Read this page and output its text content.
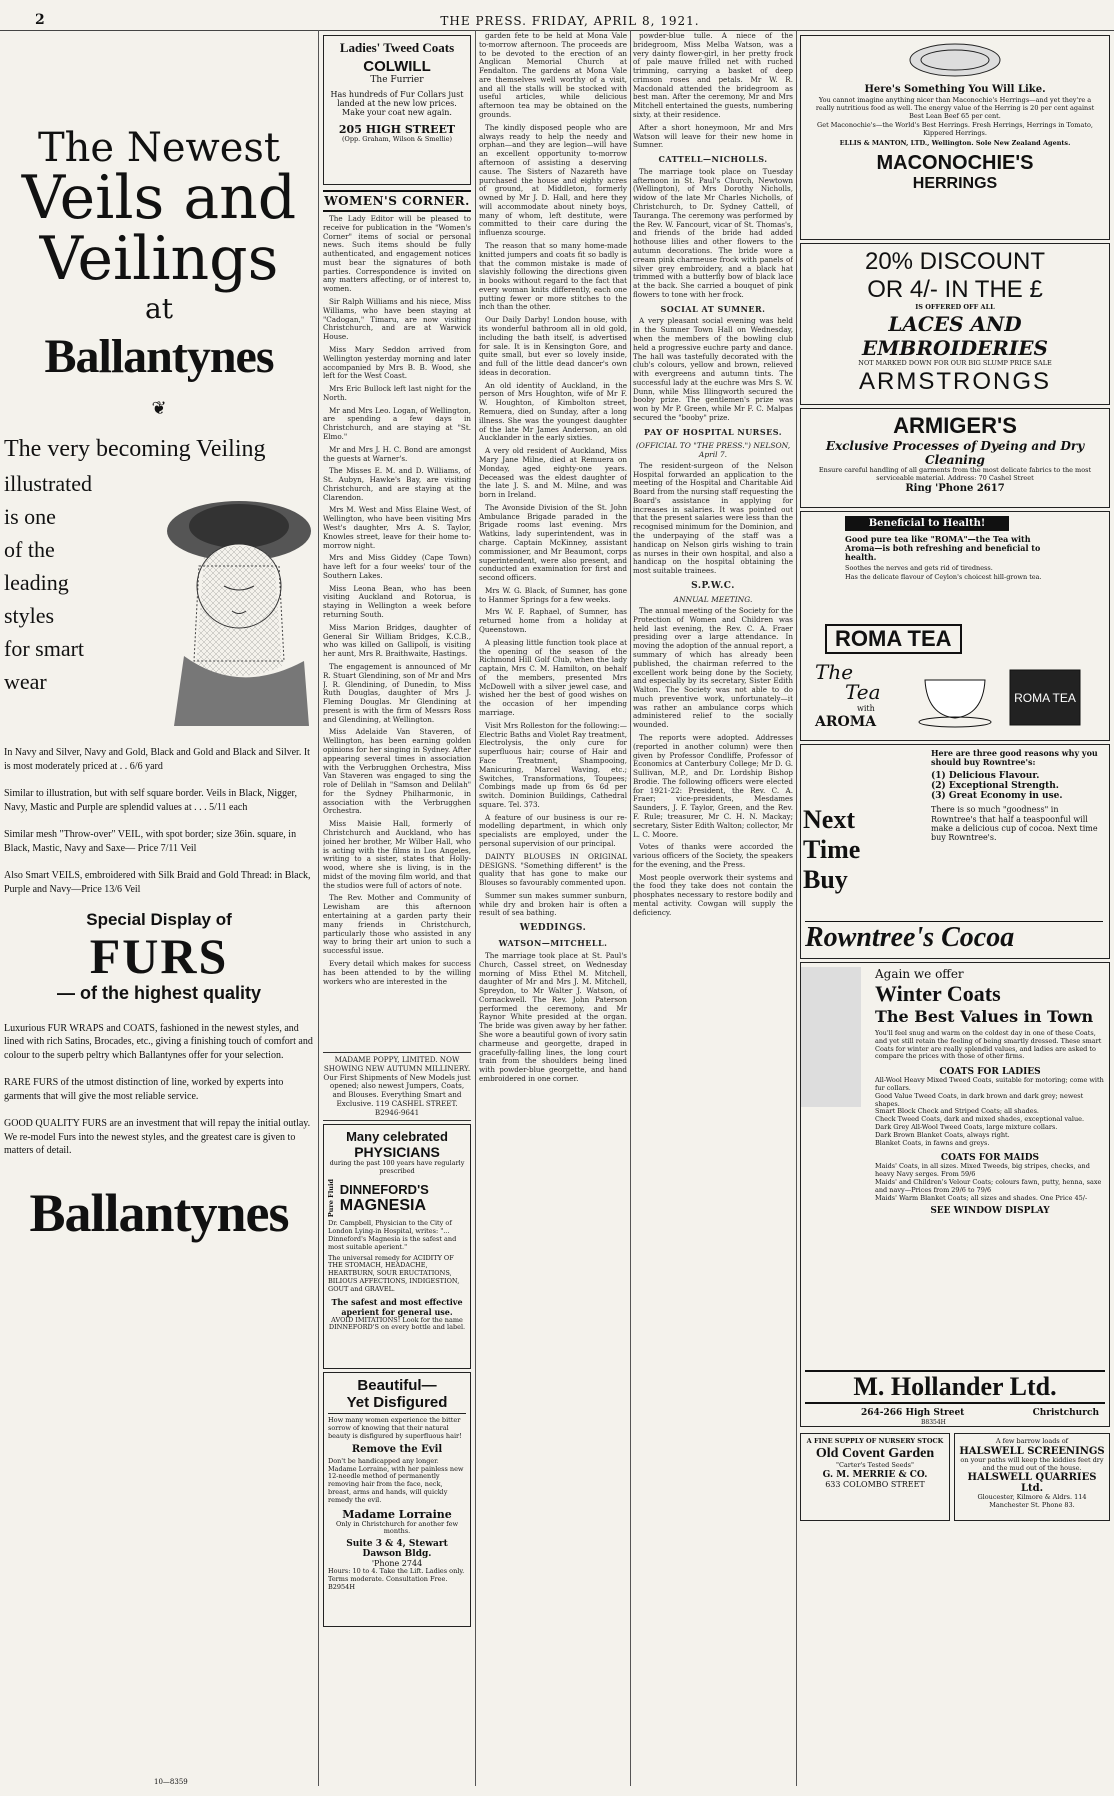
2	THE PRESS. FRIDAY, APRIL 8, 1921.
The Newest
Veils and
Veilings
at
Ballantynes
❦
The very becoming Veiling
illustrated
is one
of the
leading
styles
for smart
wear
In Navy and Silver, Navy and Gold, Black and Gold and Black and Silver. It is most moderately priced at . . 6/6 yard
Similar to illustration, but with self square border. Veils in Black, Nigger, Navy, Mastic and Purple are splendid values at . . . 5/11 each
Similar mesh "Throw-over" VEIL, with spot border; size 36in. square, in Black, Mastic, Navy and Saxe— Price 7/11 Veil
Also Smart VEILS, embroidered with Silk Braid and Gold Thread: in Black, Purple and Navy—Price 13/6 Veil
Special Display of
FURS
— of the highest quality
Luxurious FUR WRAPS and COATS, fashioned in the newest styles, and lined with rich Satins, Brocades, etc., giving a finishing touch of comfort and colour to the superb peltry which Ballantynes offer for your selection.
RARE FURS of the utmost distinction of line, worked by experts into garments that will give the most reliable service.
GOOD QUALITY FURS are an investment that will repay the initial outlay. We re-model Furs into the newest styles, and the greatest care is given to matters of detail.
Ballantynes
10—8359
Ladies' Tweed Coats
COLWILL
The Furrier
Has hundreds of Fur Collars just landed at the new low prices. Make your coat new again.
205 HIGH STREET
(Opp. Graham, Wilson & Smellie)
WOMEN'S CORNER.

The Lady Editor will be pleased to receive for publication in the "Women's Corner" items of social or personal news. Such items should be fully authenticated, and engagement notices must bear the signatures of both parties. Correspondence is invited on any matters affecting, or of interest to, women.

Sir Ralph Williams and his niece, Miss Williams, who have been staying at "Cadogan," Timaru, are now visiting Christchurch, and are at Warwick House.

Miss Mary Seddon arrived from Wellington yesterday morning and later accompanied by Mrs B. B. Wood, she left for the West Coast.

Mrs Eric Bullock left last night for the North.

Mr and Mrs Leo. Logan, of Wellington, are spending a few days in Christchurch, and are staying at "St. Elmo."

Mr and Mrs J. H. C. Bond are amongst the guests at Warner's.

The Misses E. M. and D. Williams, of St. Aubyn, Hawke's Bay, are visiting Christchurch, and are staying at the Clarendon.

Mrs M. West and Miss Elaine West, of Wellington, who have been visiting Mrs West's daughter, Mrs A. S. Taylor, Knowles street, leave for their home to-morrow night.

Mrs and Miss Giddey (Cape Town) have left for a four weeks' tour of the Southern Lakes.

Miss Leona Bean, who has been visiting Auckland and Rotorua, is staying in Wellington a week before returning South.

Miss Marion Bridges, daughter of General Sir William Bridges, K.C.B., who was killed on Gallipoli, is visiting her aunt, Mrs R. Braithwaite, Hastings.

The engagement is announced of Mr R. Stuart Glendining, son of Mr and Mrs J. R. Glendining, of Dunedin, to Miss Ruth Douglas, daughter of Mrs J. Fleming Douglas. Mr Glendining at present is with the firm of Messrs Ross and Glendining, at Wellington.

Miss Adelaide Van Staveren, of Wellington, has been earning golden opinions for her singing in Sydney. After appearing several times in association with the Verbrugghen Orchestra, Miss Van Staveren was engaged to sing the role of Delilah in "Samson and Delilah" for the Sydney Philharmonic, in association with the Verbrugghen Orchestra.

Miss Maisie Hall, formerly of Christchurch and Auckland, who has joined her brother, Mr Wilber Hall, who is acting with the films in Los Angeles, writing to a sister, states that Holly-wood, where she is living, is in the midst of the moving film world, and that the studios were full of actors of note.

The Rev. Mother and Community of Lewisham are this afternoon entertaining at a garden party their many friends in Christchurch, particularly those who assisted in any way to bring their art union to such a successful issue.

Every detail which makes for success has been attended to by the willing workers who are interested in the

MADAME POPPY, LIMITED. NOW SHOWING NEW AUTUMN MILLINERY. Our First Shipments of New Models just opened; also newest Jumpers, Coats, and Blouses. Everything Smart and Exclusive. 119 CASHEL STREET. B2946-9641
Many celebrated
PHYSICIANS
during the past 100 years have regularly prescribed
Pure Fluid DINNEFORD'S
MAGNESIA
Dr. Campbell, Physician to the City of London Lying-in Hospital, writes: "... Dinneford's Magnesia is the safest and most suitable aperient."
The universal remedy for ACIDITY OF THE STOMACH, HEADACHE, HEARTBURN, SOUR ERUCTATIONS, BILIOUS AFFECTIONS, INDIGESTION, GOUT and GRAVEL.
The safest and most effective aperient for general use.
AVOID IMITATIONS! Look for the name DINNEFORD'S on every bottle and label.
Beautiful—
Yet Disfigured
How many women experience the bitter sorrow of knowing that their natural beauty is disfigured by superfluous hair!
Remove the Evil
Don't be handicapped any longer. Madame Lorraine, with her painless new 12-needle method of permanently removing hair from the face, neck, breast, arms and hands, will quickly remedy the evil.
Madame Lorraine
Only in Christchurch for another few months.
Suite 3 & 4, Stewart Dawson Bldg.
'Phone 2744
Hours: 10 to 4. Take the Lift. Ladies only. Terms moderate. Consultation Free. B2954H

garden fete to be held at Mona Vale to-morrow afternoon. The proceeds are to be devoted to the erection of an Anglican Memorial Church at Fendalton. The gardens at Mona Vale are themselves well worthy of a visit, and all the stalls will be stocked with useful articles, while delicious afternoon tea may be obtained on the grounds.

The kindly disposed people who are always ready to help the needy and orphan—and they are legion—will have an excellent opportunity to-morrow afternoon of assisting a deserving cause. The Sisters of Nazareth have purchased the house and eighty acres of ground, at Middleton, formerly owned by Mr J. D. Hall, and here they will accommodate about ninety boys, many of whom, left destitute, were committed to their care during the influenza scourge.

The reason that so many home-made knitted jumpers and coats fit so badly is that the common mistake is made of slavishly following the directions given in books without regard to the fact that every woman knits differently, each one putting fewer or more stitches to the inch than the other.

Our Daily Darby! London house, with its wonderful bathroom all in old gold, including the bath itself, is advertised for sale. It is in Kensington Gore, and quite small, but ever so lovely inside, and full of the little dead dancer's own ideas in decoration.

An old identity of Auckland, in the person of Mrs Houghton, wife of Mr F. W. Houghton, of Kimbolton street, Remuera, died on Sunday, after a long illness. She was the youngest daughter of the late Mr James Anderson, an old Aucklander in the early sixties.

A very old resident of Auckland, Miss Mary Jane Milne, died at Remuera on Monday, aged eighty-one years. Deceased was the eldest daughter of the late J. S. and M. Milne, and was born in Ireland.

The Avonside Division of the St. John Ambulance Brigade paraded in the Brigade rooms last evening. Mrs Watkins, lady superintendent, was in charge. Captain McKinney, assistant commissioner, and Mr Beaumont, corps superintendent, were also present, and conducted an examination for first and second officers.

Mrs W. G. Black, of Sumner, has gone to Hanmer Springs for a few weeks.

Mrs W. F. Raphael, of Sumner, has returned home from a holiday at Queenstown.

A pleasing little function took place at the opening of the season of the Richmond Hill Golf Club, when the lady captain, Mrs C. M. Hamilton, on behalf of the members, presented Mrs McDowell with a silver jewel case, and wished her the best of good wishes on the occasion of her impending marriage.

Visit Mrs Rolleston for the following:—Electric Baths and Violet Ray treatment, Electrolysis, the only cure for superfluous hair; course of Hair and Face Treatment, Shampooing, Manicuring, Marcel Waving, etc.; Switches, Transformations, Toupees; Combings made up from 6s 6d per switch. Dominion Buildings, Cathedral square. Tel. 373.

A feature of our business is our re-modelling department, in which only specialists are employed, under the personal supervision of our principal.

DAINTY BLOUSES IN ORIGINAL DESIGNS. "Something different" is the quality that has gone to make our Blouses so favourably commented upon.

Summer sun makes summer sunburn, while dry and broken hair is often a result of sea bathing.

WEDDINGS.
WATSON—MITCHELL.

The marriage took place at St. Paul's Church, Cassel street, on Wednesday morning of Miss Ethel M. Mitchell, daughter of Mr and Mrs J. M. Mitchell, Spreydon, to Mr Walter J. Watson, of Cornackwell. The Rev. John Paterson performed the ceremony, and Mr Raynor White presided at the organ. The bride was given away by her father. She wore a beautiful gown of ivory satin charmeuse and georgette, draped in gracefully-falling lines, the long court train from the shoulders being lined with powder-blue georgette, and hand embroidered in one corner.

powder-blue tulle. A niece of the bridegroom, Miss Melba Watson, was a very dainty flower-girl, in her pretty frock of pale mauve frilled net with ruched trimming, carrying a basket of deep crimson roses and petals. Mr W. R. Macdonald attended the bridegroom as best man. After the ceremony, Mr and Mrs Mitchell entertained the guests, numbering sixty, at their residence.

After a short honeymoon, Mr and Mrs Watson will leave for their new home in Sumner.

CATTELL—NICHOLLS.

The marriage took place on Tuesday afternoon in St. Paul's Church, Newtown (Wellington), of Mrs Dorothy Nicholls, widow of the late Mr Charles Nicholls, of Christchurch, to Dr. Sydney Cattell, of Tauranga. The ceremony was performed by the Rev. W. Fancourt, vicar of St. Thomas's, and friends of the bride had added hothouse lilies and other flowers to the autumn decorations. The bride wore a cream pink charmeuse frock with panels of silver grey embroidery, and a black hat trimmed with a butterfly bow of black lace at the back. She carried a bouquet of pink flowers to tone with her frock.

SOCIAL AT SUMNER.

A very pleasant social evening was held in the Sumner Town Hall on Wednesday, when the members of the bowling club held a progressive euchre party and dance. The hall was tastefully decorated with the club's colours, yellow and brown, relieved with evergreens and autumn tints. The successful lady at the euchre was Mrs S. W. Dunn, while Miss Illingworth secured the booby prize. The gentlemen's prize was won by Mr P. Green, while Mr F. C. Malpas secured the "booby" prize.

PAY OF HOSPITAL NURSES.
(OFFICIAL TO "THE PRESS.") NELSON, April 7.

The resident-surgeon of the Nelson Hospital forwarded an application to the meeting of the Hospital and Charitable Aid Board from the nursing staff requesting the Board's assistance in applying for increases in salaries. It was pointed out that the present salaries were less than the recognised minimum for the Dominion, and the underpaying of the staff was a handicap on Nelson girls wishing to train as nurses in their own hospital, and also a handicap on the hospital obtaining the most suitable trainees.

S.P.W.C.
ANNUAL MEETING.

The annual meeting of the Society for the Protection of Women and Children was held last evening, the Rev. C. A. Fraer presiding over a large attendance. In moving the adoption of the annual report, a summary of which has already been published, the chairman referred to the excellent work being done by the Society, and especially by its secretary, Sister Edith Walton. The Society was not able to do much preventive work, unfortunately—it was rather an ambulance corps which administered relief to the socially wounded.

The reports were adopted. Addresses (reported in another column) were then given by Professor Condliffe, Professor of Economics at Canterbury College; Mr D. G. Sullivan, M.P., and Dr. Lordship Bishop Brodie. The following officers were elected for 1921-22: President, the Rev. C. A. Fraer; vice-presidents, Mesdames Saunders, J. F. Taylor, Green, and the Rev. F. Rule; treasurer, Mr C. H. N. Mackay; secretary, Sister Edith Walton; collector, Mr L. C. Moore.

Votes of thanks were accorded the various officers of the Society, the speakers for the evening, and the Press.

Most people overwork their systems and the food they take does not contain the phosphates necessary to restore bodily and mental activity. Cowgan will supply the deficiency.

Here's Something You Will Like.
You cannot imagine anything nicer than Maconochie's Herrings—and yet they're a really nutritious food as well. The energy value of the Herring is 20 per cent against Best Lean Beef 65 per cent.
Get Maconochie's—the World's Best Herrings. Fresh Herrings, Herrings in Tomato, Kippered Herrings.
ELLIS & MANTON, LTD., Wellington. Sole New Zealand Agents.
MACONOCHIE'S
HERRINGS
20% DISCOUNT
OR 4/- IN THE £
IS OFFERED OFF ALL
LACES AND
EMBROIDERIES
NOT MARKED DOWN FOR OUR BIG SLUMP PRICE SALE
ARMSTRONGS
ARMIGER'S
Exclusive Processes of Dyeing and Dry Cleaning
Ensure careful handling of all garments from the most delicate fabrics to the most serviceable material. Address: 70 Cashel Street
Ring 'Phone 2617
Beneficial to Health!
Good pure tea like "ROMA"—the Tea with Aroma—is both refreshing and beneficial to health.
Soothes the nerves and gets rid of tiredness.
Has the delicate flavour of Ceylon's choicest hill-grown tea.
ROMA TEA
The
Tea
with
AROMA
ROMA TEA
Next
Time
Buy
Here are three good reasons why you should buy Rowntree's:
(1) Delicious Flavour.
(2) Exceptional Strength.
(3) Great Economy in use.
There is so much "goodness" in Rowntree's that half a teaspoonful will make a delicious cup of cocoa. Next time buy Rowntree's.
Rowntree's Cocoa
Again we offer
Winter Coats
The Best Values in Town
You'll feel snug and warm on the coldest day in one of these Coats, and yet still retain the feeling of being smartly dressed. These smart Coats for winter are really splendid values, and ladies are asked to compare the prices with those of other firms.
COATS FOR LADIES
All-Wool Heavy Mixed Tweed Coats, suitable for motoring; come with fur collars.
Good Value Tweed Coats, in dark brown and dark grey; newest shapes.
Smart Block Check and Striped Coats; all shades.
Check Tweed Coats, dark and mixed shades, exceptional value.
Dark Grey All-Wool Tweed Coats, large mixture collars.
Dark Brown Blanket Coats, always right.
Blanket Coats, in fawns and greys.
COATS FOR MAIDS
Maids' Coats, in all sizes. Mixed Tweeds, big stripes, checks, and heavy Navy serges. From 59/6
Maids' and Children's Velour Coats; colours fawn, putty, henna, saxe and navy—Prices from 29/6 to 79/6
Maids' Warm Blanket Coats; all sizes and shades. One Price 45/-
SEE WINDOW DISPLAY
M. Hollander Ltd.
264-266 High Street	Christchurch
B8354H
A FINE SUPPLY OF NURSERY STOCK
Old Covent Garden
"Carter's Tested Seeds"
G. M. MERRIE & CO.
633 COLOMBO STREET
A few barrow loads of
HALSWELL SCREENINGS
on your paths will keep the kiddies feet dry and the mud out of the house.
HALSWELL QUARRIES Ltd.
Gloucester, Kilmore & Aldrs. 114 Manchester St. Phone 83.
